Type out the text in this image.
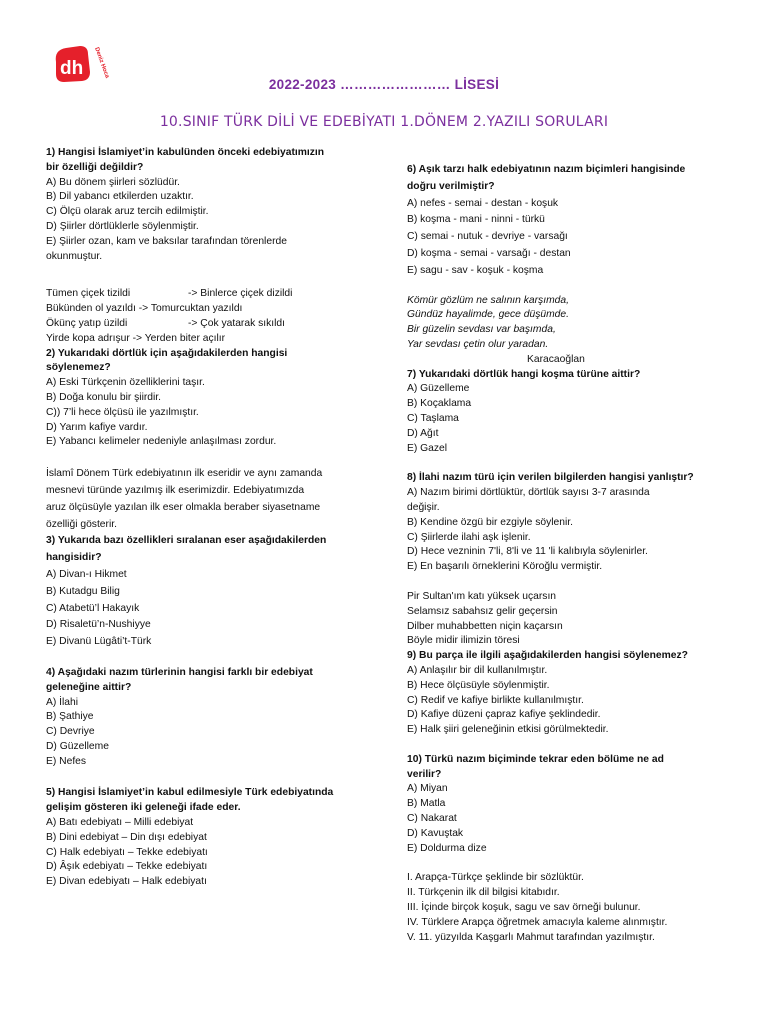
dh Deniz Hoca
2022-2023 …………………… LİSESİ
10.SINIF TÜRK DİLİ VE EDEBİYATI 1.DÖNEM 2.YAZILI SORULARI
1) Hangisi İslamiyet’in kabulünden önceki edebiyatımızın
bir özelliği değildir?
A) Bu dönem şiirleri sözlüdür.
B) Dil yabancı etkilerden uzaktır.
C) Ölçü olarak aruz tercih edilmiştir.
D) Şiirler dörtlüklerle söylenmiştir.
E) Şiirler ozan, kam ve baksılar tarafından törenlerde
okunmuştur.
Tümen çiçek tizildi	-> Binlerce çiçek dizildi
Bükünden ol yazıldı -> Tomurcuktan yazıldı
Ökünç yatıp üzildi	-> Çok yatarak sıkıldı
Yirde kopa adrışur -> Yerden biter açılır
2) Yukarıdaki dörtlük için aşağıdakilerden hangisi
söylenemez?
A) Eski Türkçenin özelliklerini taşır.
B) Doğa konulu bir şiirdir.
C)) 7’li hece ölçüsü ile yazılmıştır.
D) Yarım kafiye vardır.
E) Yabancı kelimeler nedeniyle anlaşılması zordur.
İslamî Dönem Türk edebiyatının ilk eseridir ve aynı zamanda
mesnevi türünde yazılmış ilk eserimizdir. Edebiyatımızda
aruz ölçüsüyle yazılan ilk eser olmakla beraber siyasetname
özelliği gösterir.
3) Yukarıda bazı özellikleri sıralanan eser aşağıdakilerden
hangisidir?
A) Divan-ı Hikmet
B) Kutadgu Bilig
C) Atabetü’l Hakayık
D) Risaletü’n-Nushiyye
E) Divanü Lügâti’t-Türk
4) Aşağıdaki nazım türlerinin hangisi farklı bir edebiyat
geleneğine aittir?
A) İlahi
B) Şathiye
C) Devriye
D) Güzelleme
E) Nefes
5) Hangisi İslamiyet’in kabul edilmesiyle Türk edebiyatında
gelişim gösteren iki geleneği ifade eder.
A) Batı edebiyatı – Milli edebiyat
B) Dini edebiyat – Din dışı edebiyat
C) Halk edebiyatı – Tekke edebiyatı
D) Âşık edebiyatı – Tekke edebiyatı
E) Divan edebiyatı – Halk edebiyatı
6) Aşık tarzı halk edebiyatının nazım biçimleri hangisinde
doğru verilmiştir?
A) nefes - semai - destan - koşuk
B) koşma - mani - ninni - türkü
C) semai - nutuk - devriye - varsağı
D) koşma - semai - varsağı - destan
E) sagu - sav - koşuk - koşma
Kömür gözlüm ne salının karşımda,
Gündüz hayalimde, gece düşümde.
Bir güzelin sevdası var başımda,
Yar sevdası çetin olur yaradan.
Karacaoğlan
7) Yukarıdaki dörtlük hangi koşma türüne aittir?
A) Güzelleme
B) Koçaklama
C) Taşlama
D) Ağıt
E) Gazel
8) İlahi nazım türü için verilen bilgilerden hangisi yanlıştır?
A) Nazım birimi dörtlüktür, dörtlük sayısı 3-7 arasında
değişir.
B) Kendine özgü bir ezgiyle söylenir.
C) Şiirlerde ilahi aşk işlenir.
D) Hece vezninin 7'li, 8'li ve 11 'li kalıbıyla söylenirler.
E) En başarılı örneklerini Köroğlu vermiştir.
Pir Sultan'ım katı yüksek uçarsın
Selamsız sabahsız gelir geçersin
Dilber muhabbetten niçin kaçarsın
Böyle midir ilimizin töresi
9) Bu parça ile ilgili aşağıdakilerden hangisi söylenemez?
A) Anlaşılır bir dil kullanılmıştır.
B) Hece ölçüsüyle söylenmiştir.
C) Redif ve kafiye birlikte kullanılmıştır.
D) Kafiye düzeni çapraz kafiye şeklindedir.
E) Halk şiiri geleneğinin etkisi görülmektedir.
10) Türkü nazım biçiminde tekrar eden bölüme ne ad
verilir?
A) Miyan
B) Matla
C) Nakarat
D) Kavuştak
E) Doldurma dize
I. Arapça-Türkçe şeklinde bir sözlüktür.
II. Türkçenin ilk dil bilgisi kitabıdır.
III. İçinde birçok koşuk, sagu ve sav örneği bulunur.
IV. Türklere Arapça öğretmek amacıyla kaleme alınmıştır.
V. 11. yüzyılda Kaşgarlı Mahmut tarafından yazılmıştır.
